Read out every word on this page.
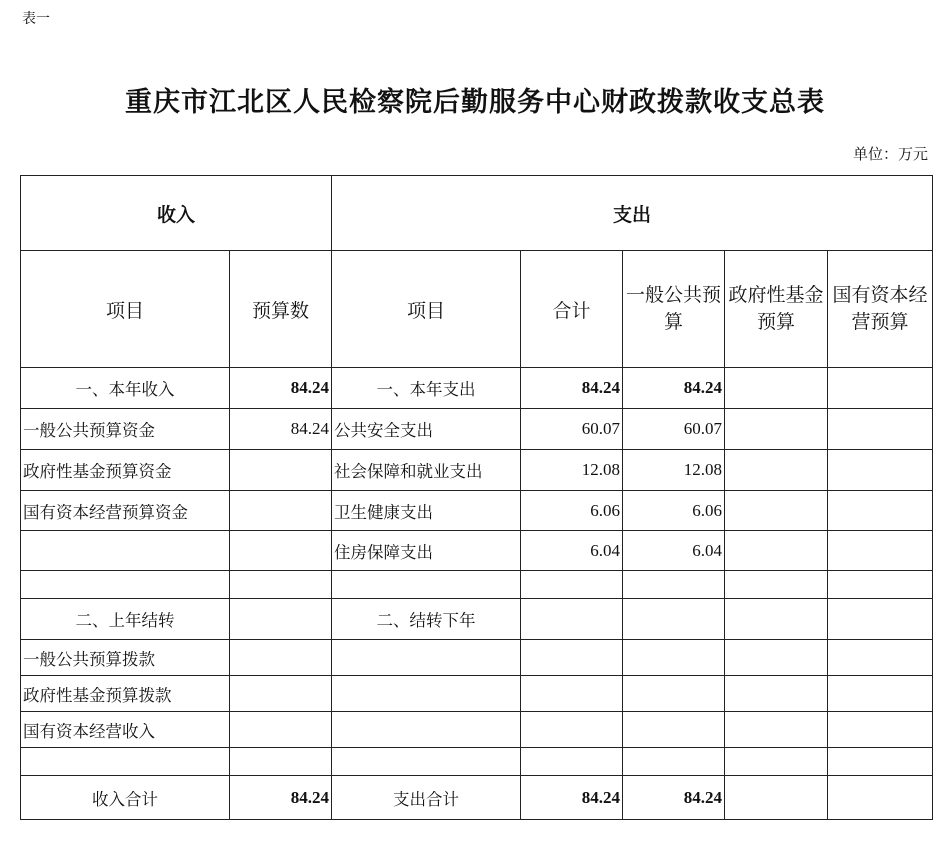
表一
重庆市江北区人民检察院后勤服务中心财政拨款收支总表
单位：万元
收入		支出				
项目	预算数	项目	合计	一般公共预算	政府性基金预算	国有资本经营预算
一、本年收入	84.24	一、本年支出	84.24	84.24		
一般公共预算资金	84.24	公共安全支出	60.07	60.07		
政府性基金预算资金		社会保障和就业支出	12.08	12.08		
国有资本经营预算资金		卫生健康支出	6.06	6.06		
		住房保障支出	6.04	6.04		

二、上年结转		二、结转下年				
一般公共预算拨款						
政府性基金预算拨款						
国有资本经营收入						

收入合计	84.24	支出合计	84.24	84.24		
